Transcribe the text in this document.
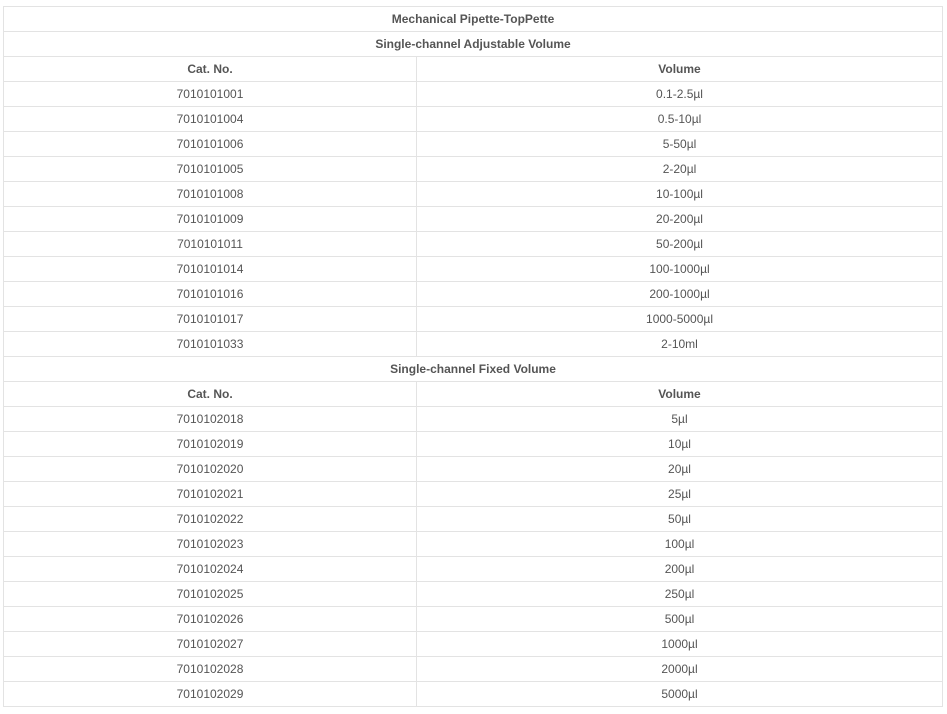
Mechanical Pipette-TopPette	
Single-channel Adjustable Volume	
Cat. No.	Volume
7010101001	0.1-2.5µl
7010101004	0.5-10µl
7010101006	5-50µl
7010101005	2-20µl
7010101008	10-100µl
7010101009	20-200µl
7010101011	50-200µl
7010101014	100-1000µl
7010101016	200-1000µl
7010101017	1000-5000µl
7010101033	2-10ml
Single-channel Fixed Volume	
Cat. No.	Volume
7010102018	5µl
7010102019	10µl
7010102020	20µl
7010102021	25µl
7010102022	50µl
7010102023	100µl
7010102024	200µl
7010102025	250µl
7010102026	500µl
7010102027	1000µl
7010102028	2000µl
7010102029	5000µl
